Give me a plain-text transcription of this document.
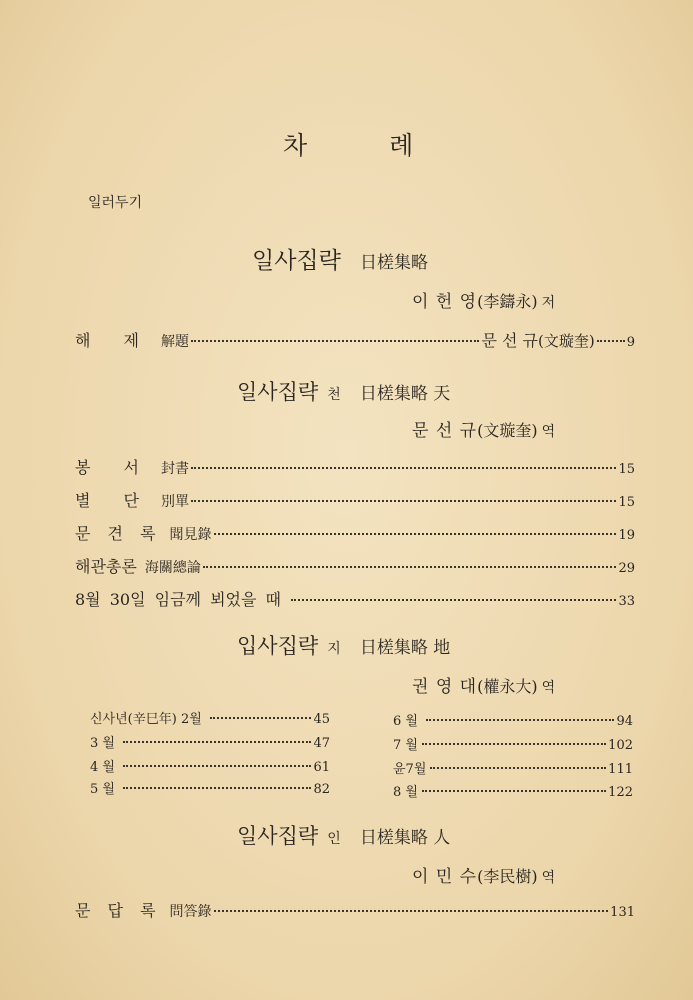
차 례
일러두기
일사집략 日槎集略
이 헌 영(李鑄永) 저
해 제 解題	문 선 규(文璇奎) 9
일사집략 천 日槎集略 天
문 선 규(文璇奎) 역
봉 서 封書	15
별 단 別單	15
문 견 록 聞見錄	19
해관총론 海關總論	29
8월 30일 임금께 뵈었을 때	33
입사집략 지 日槎集略 地
권 영 대(權永大) 역
신사년(辛巳年) 2월	45
3 월	47
4 월	61
5 월	82
6 월	94
7 월	102
윤7월	111
8 월	122
일사집략 인 日槎集略 人
이 민 수(李民樹) 역
문 답 록 問答錄	131
